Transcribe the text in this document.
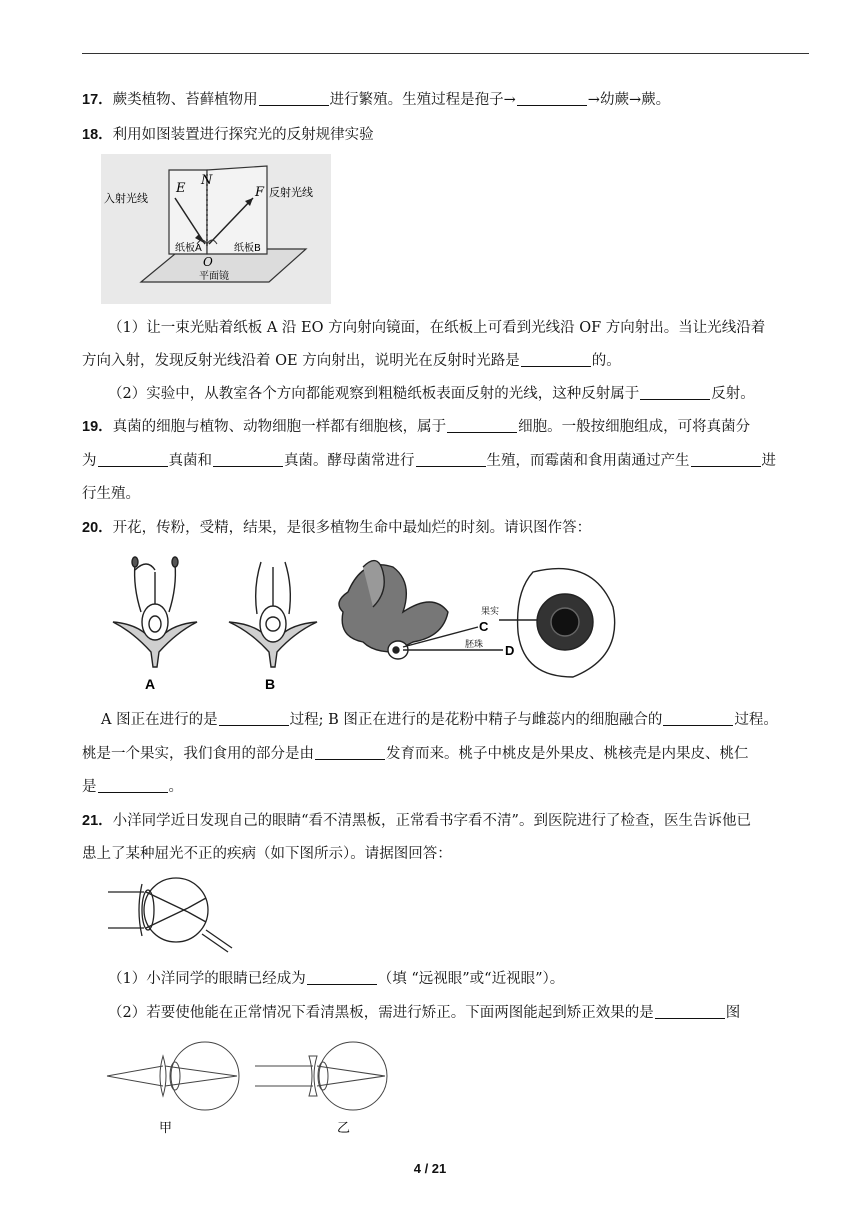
17．蕨类植物、苔藓植物用	进行繁殖。生殖过程是孢子→	→幼蕨→蕨。
18．利用如图装置进行探究光的反射规律实验
入射光线	反射光线
E
N
F
纸板A	纸板B
O
平面镜
（1）让一束光贴着纸板 A 沿 EO 方向射向镜面，在纸板上可看到光线沿 OF 方向射出。当让光线沿着
方向入射，发现反射光线沿着 OE 方向射出，说明光在反射时光路是	的。
（2）实验中，从教室各个方向都能观察到粗糙纸板表面反射的光线，这种反射属于	反射。
19．真菌的细胞与植物、动物细胞一样都有细胞核，属于	细胞。一般按细胞组成，可将真菌分
为	真菌和	真菌。酵母菌常进行	生殖，而霉菌和食用菌通过产生	进
行生殖。
20．开花，传粉，受精，结果，是很多植物生命中最灿烂的时刻。请识图作答：
A	B
C
D
果实
胚珠
A 图正在进行的是	过程; B 图正在进行的是花粉中精子与雌蕊内的细胞融合的	过程。
桃是一个果实，我们食用的部分是由	发育而来。桃子中桃皮是外果皮、桃核壳是内果皮、桃仁
是	。
21．小洋同学近日发现自己的眼睛“看不清黑板，正常看书字看不清”。到医院进行了检查，医生告诉他已
患上了某种屈光不正的疾病（如下图所示）。请据图回答：
（1）小洋同学的眼睛已经成为	（填 “远视眼”或“近视眼”）。
（2）若要使他能在正常情况下看清黑板，需进行矫正。下面两图能起到矫正效果的是	图
甲	乙
4 / 21
